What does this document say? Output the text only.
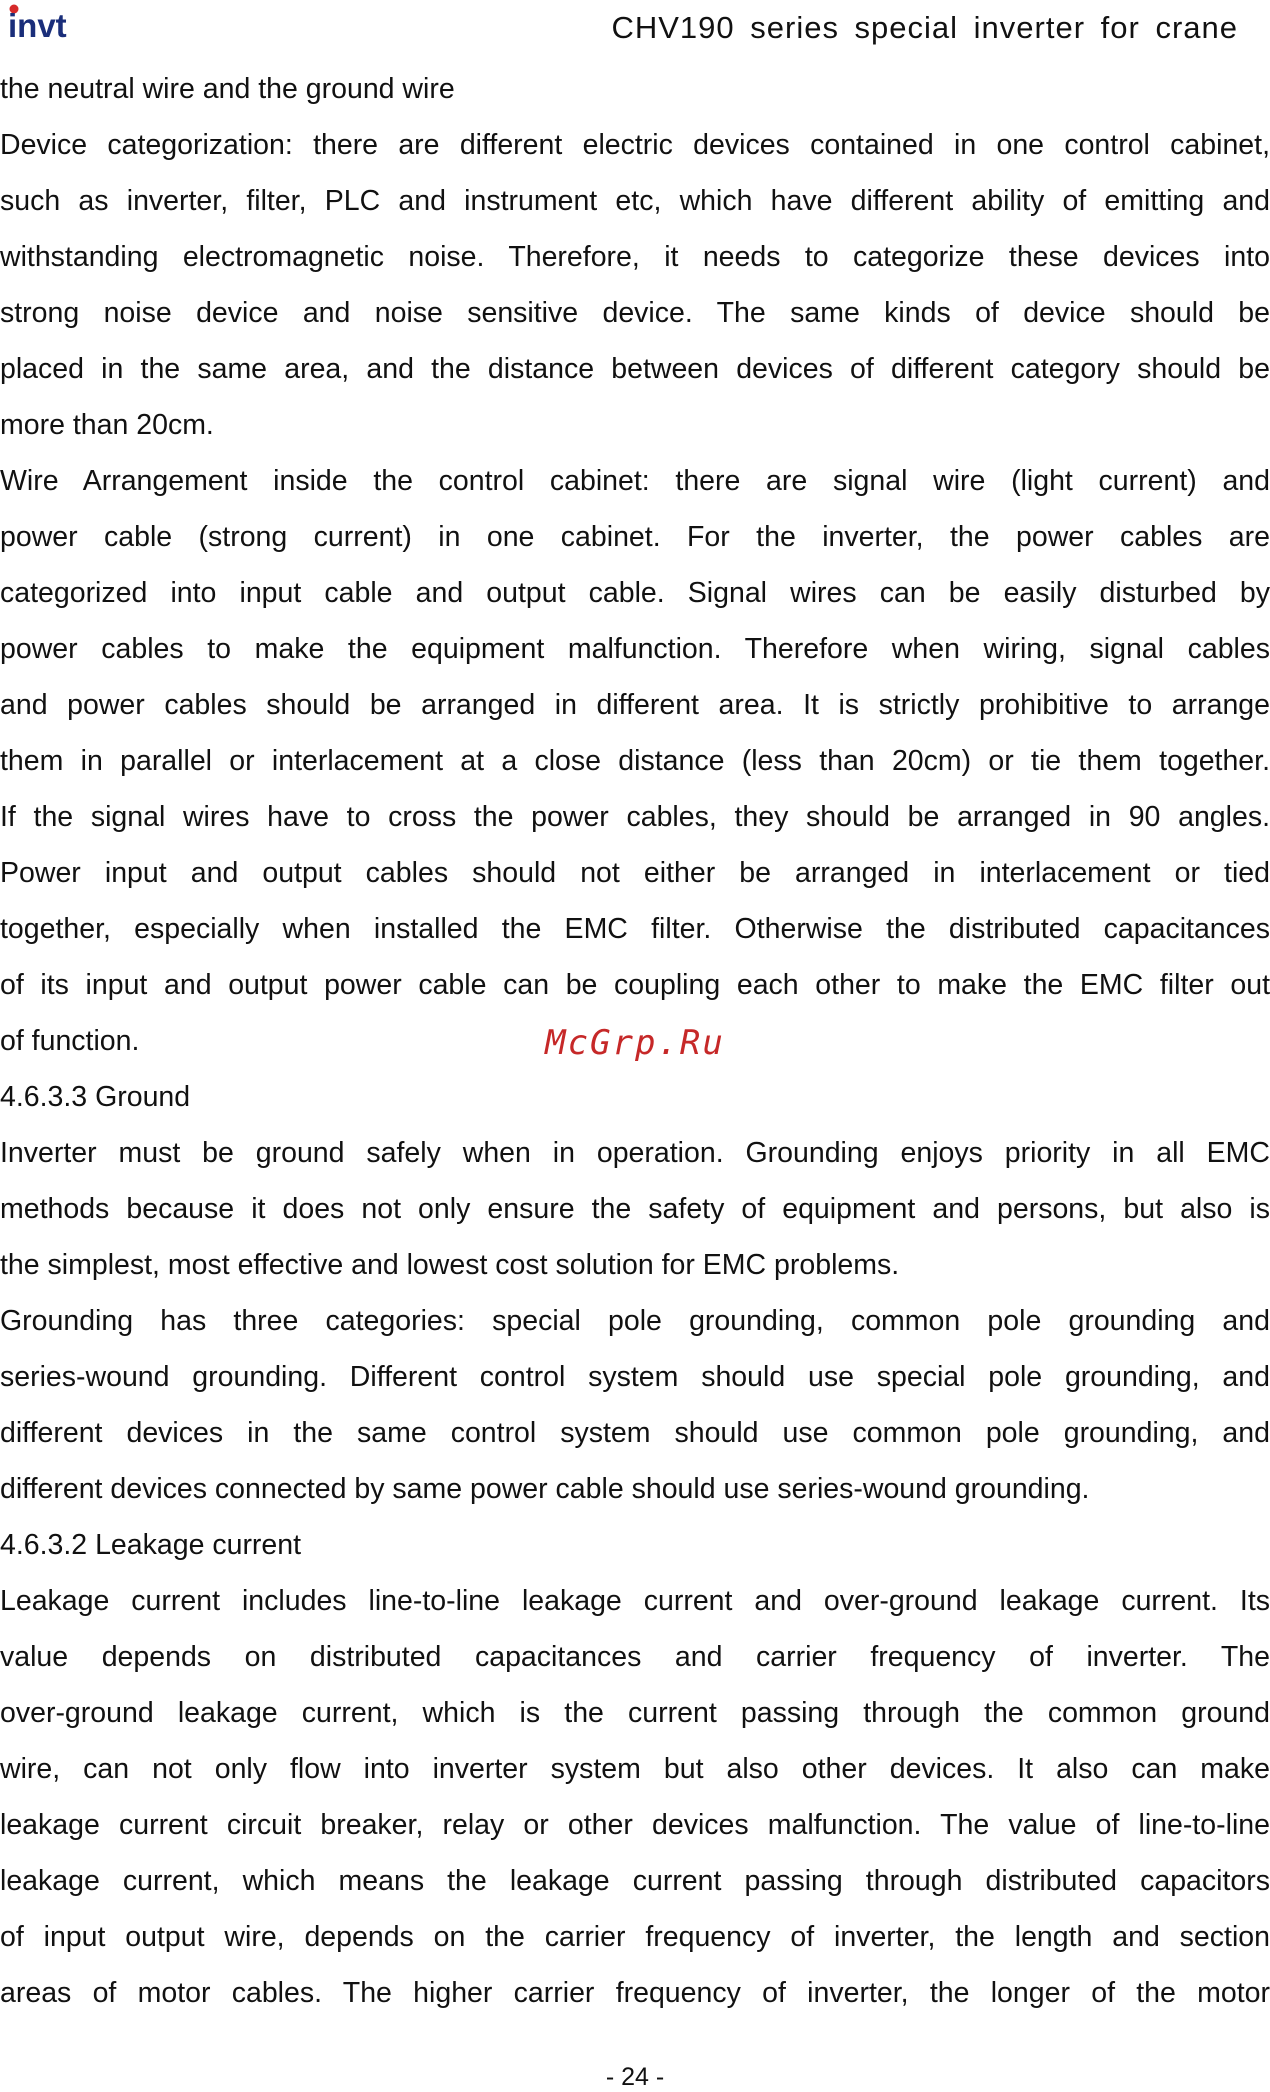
invt	CHV190 series special inverter for crane
the neutral wire and the ground wire
Device categorization: there are different electric devices contained in one control cabinet,
such as inverter, filter, PLC and instrument etc, which have different ability of emitting and
withstanding electromagnetic noise. Therefore, it needs to categorize these devices into
strong noise device and noise sensitive device. The same kinds of device should be
placed in the same area, and the distance between devices of different category should be
more than 20cm.
Wire Arrangement inside the control cabinet: there are signal wire (light current) and
power cable (strong current) in one cabinet. For the inverter, the power cables are
categorized into input cable and output cable. Signal wires can be easily disturbed by
power cables to make the equipment malfunction. Therefore when wiring, signal cables
and power cables should be arranged in different area. It is strictly prohibitive to arrange
them in parallel or interlacement at a close distance (less than 20cm) or tie them together.
If the signal wires have to cross the power cables, they should be arranged in 90 angles.
Power input and output cables should not either be arranged in interlacement or tied
together, especially when installed the EMC filter. Otherwise the distributed capacitances
of its input and output power cable can be coupling each other to make the EMC filter out
of function.
4.6.3.3 Ground
Inverter must be ground safely when in operation. Grounding enjoys priority in all EMC
methods because it does not only ensure the safety of equipment and persons, but also is
the simplest, most effective and lowest cost solution for EMC problems.
Grounding has three categories: special pole grounding, common pole grounding and
series-wound grounding. Different control system should use special pole grounding, and
different devices in the same control system should use common pole grounding, and
different devices connected by same power cable should use series-wound grounding.
4.6.3.2 Leakage current
Leakage current includes line-to-line leakage current and over-ground leakage current. Its
value depends on distributed capacitances and carrier frequency of inverter. The
over-ground leakage current, which is the current passing through the common ground
wire, can not only flow into inverter system but also other devices. It also can make
leakage current circuit breaker, relay or other devices malfunction. The value of line-to-line
leakage current, which means the leakage current passing through distributed capacitors
of input output wire, depends on the carrier frequency of inverter, the length and section
areas of motor cables. The higher carrier frequency of inverter, the longer of the motor
McGrp.Ru
- 24 -
